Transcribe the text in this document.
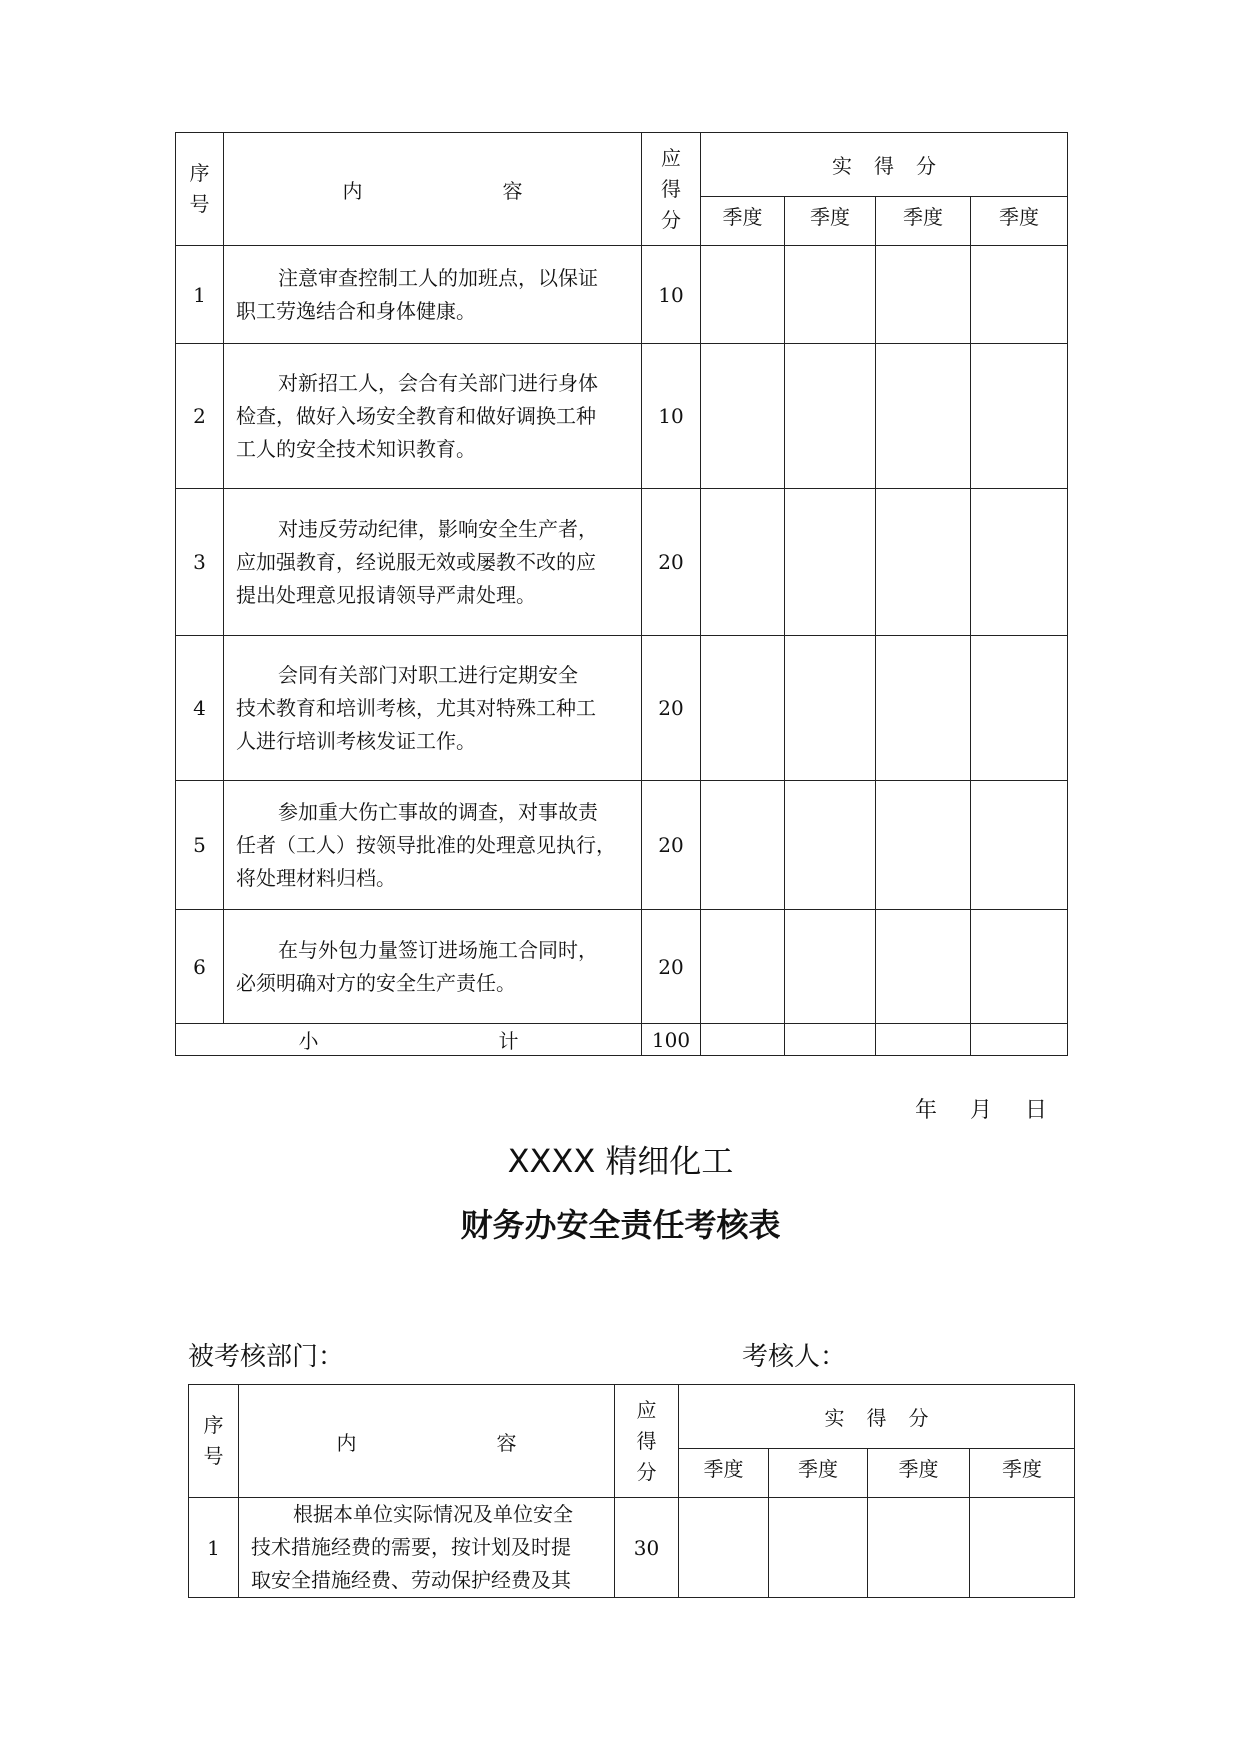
序
号	内 容	应
得
分	实 得 分			
			季度	季度	季度	季度
1	注意审查控制工人的加班点，以保证
职工劳逸结合和身体健康。	10				
2	对新招工人，会合有关部门进行身体
检查，做好入场安全教育和做好调换工种
工人的安全技术知识教育。	10				
3	对违反劳动纪律，影响安全生产者，
应加强教育，经说服无效或屡教不改的应
提出处理意见报请领导严肃处理。	20				
4	会同有关部门对职工进行定期安全
技术教育和培训考核，尤其对特殊工种工
人进行培训考核发证工作。	20				
5	参加重大伤亡事故的调查，对事故责
任者（工人）按领导批准的处理意见执行，
将处理材料归档。	20				
6	在与外包力量签订进场施工合同时，
必须明确对方的安全生产责任。	20				
小 计		100				
年 月 日
XXXX 精细化工
财务办安全责任考核表
被考核部门：	考核人：
序
号	内 容	应
得
分	实 得 分			
			季度	季度	季度	季度
1	根据本单位实际情况及单位安全
技术措施经费的需要，按计划及时提
取安全措施经费、劳动保护经费及其	30				
